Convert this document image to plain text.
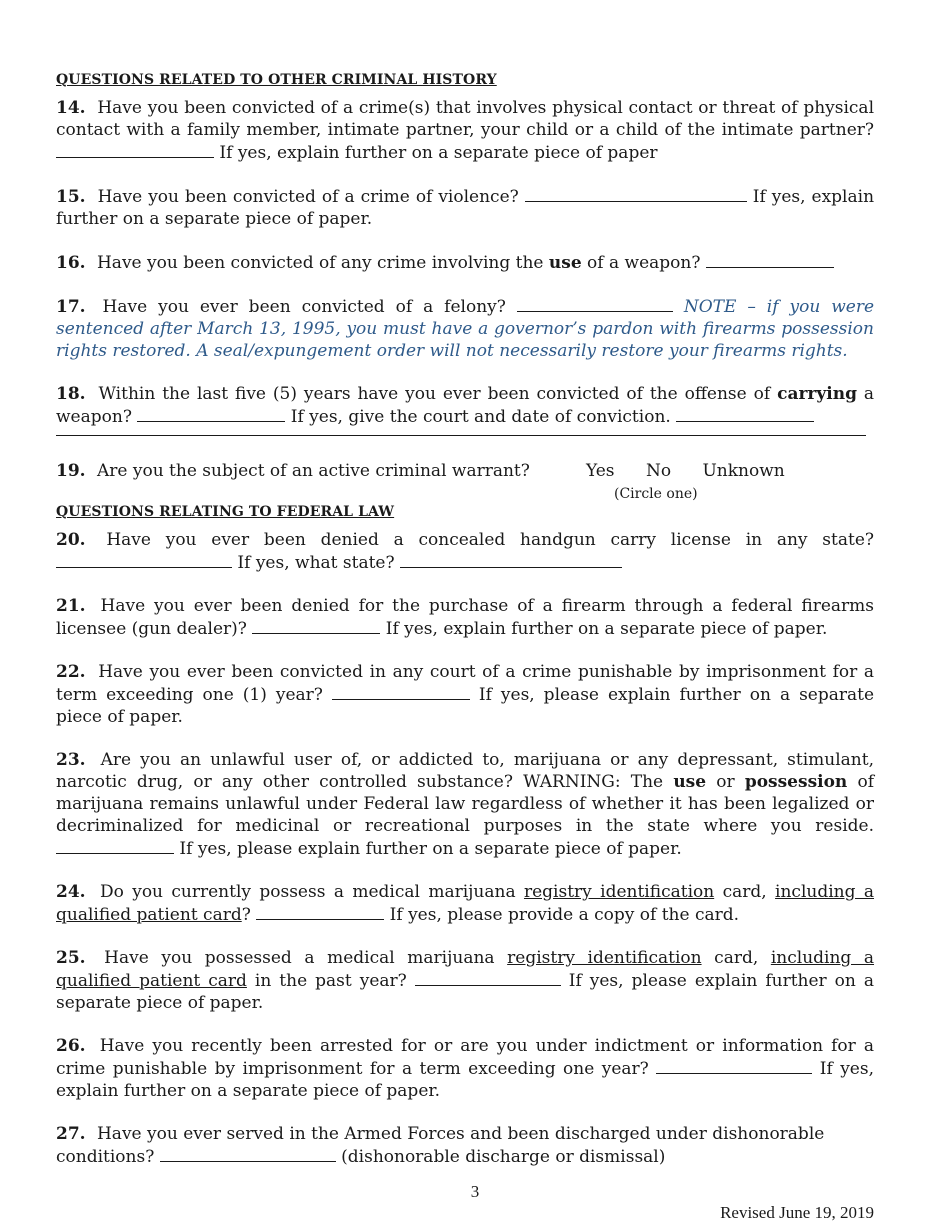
QUESTIONS RELATED TO OTHER CRIMINAL HISTORY

14. Have you been convicted of a crime(s) that involves physical contact or threat of physical contact with a family member, intimate partner, your child or a child of the intimate partner?  If yes, explain further on a separate piece of paper

15. Have you been convicted of a crime of violence?	If yes, explain further on a separate piece of paper.

16. Have you been convicted of any crime involving the use of a weapon?

17. Have you ever been convicted of a felony?	NOTE – if you were sentenced after March 13, 1995, you must have a governor’s pardon with firearms possession rights restored. A seal/expungement order will not necessarily restore your firearms rights.

18. Within the last five (5) years have you ever been convicted of the offense of carrying a weapon?	If yes, give the court and date of conviction.

19. Are you the subject of an active criminal warrant?	Yes No Unknown
(Circle one)
QUESTIONS RELATING TO FEDERAL LAW

20. Have you ever been denied a concealed handgun carry license in any state?  If yes, what state?

21. Have you ever been denied for the purchase of a firearm through a federal firearms licensee (gun dealer)?	If yes, explain further on a separate piece of paper.

22. Have you ever been convicted in any court of a crime punishable by imprisonment for a term exceeding one (1) year?	If yes, please explain further on a separate piece of paper.

23. Are you an unlawful user of, or addicted to, marijuana or any depressant, stimulant, narcotic drug, or any other controlled substance? WARNING: The use or possession of marijuana remains unlawful under Federal law regardless of whether it has been legalized or decriminalized for medicinal or recreational purposes in the state where you reside.  If yes, please explain further on a separate piece of paper.

24. Do you currently possess a medical marijuana registry identification card, including a qualified patient card?	If yes, please provide a copy of the card.

25. Have you possessed a medical marijuana registry identification card, including a qualified patient card in the past year?	If yes, please explain further on a separate piece of paper.

26. Have you recently been arrested for or are you under indictment or information for a crime punishable by imprisonment for a term exceeding one year?	If yes, explain further on a separate piece of paper.

27. Have you ever served in the Armed Forces and been discharged under dishonorable conditions?	(dishonorable discharge or dismissal)

3
Revised June 19, 2019
